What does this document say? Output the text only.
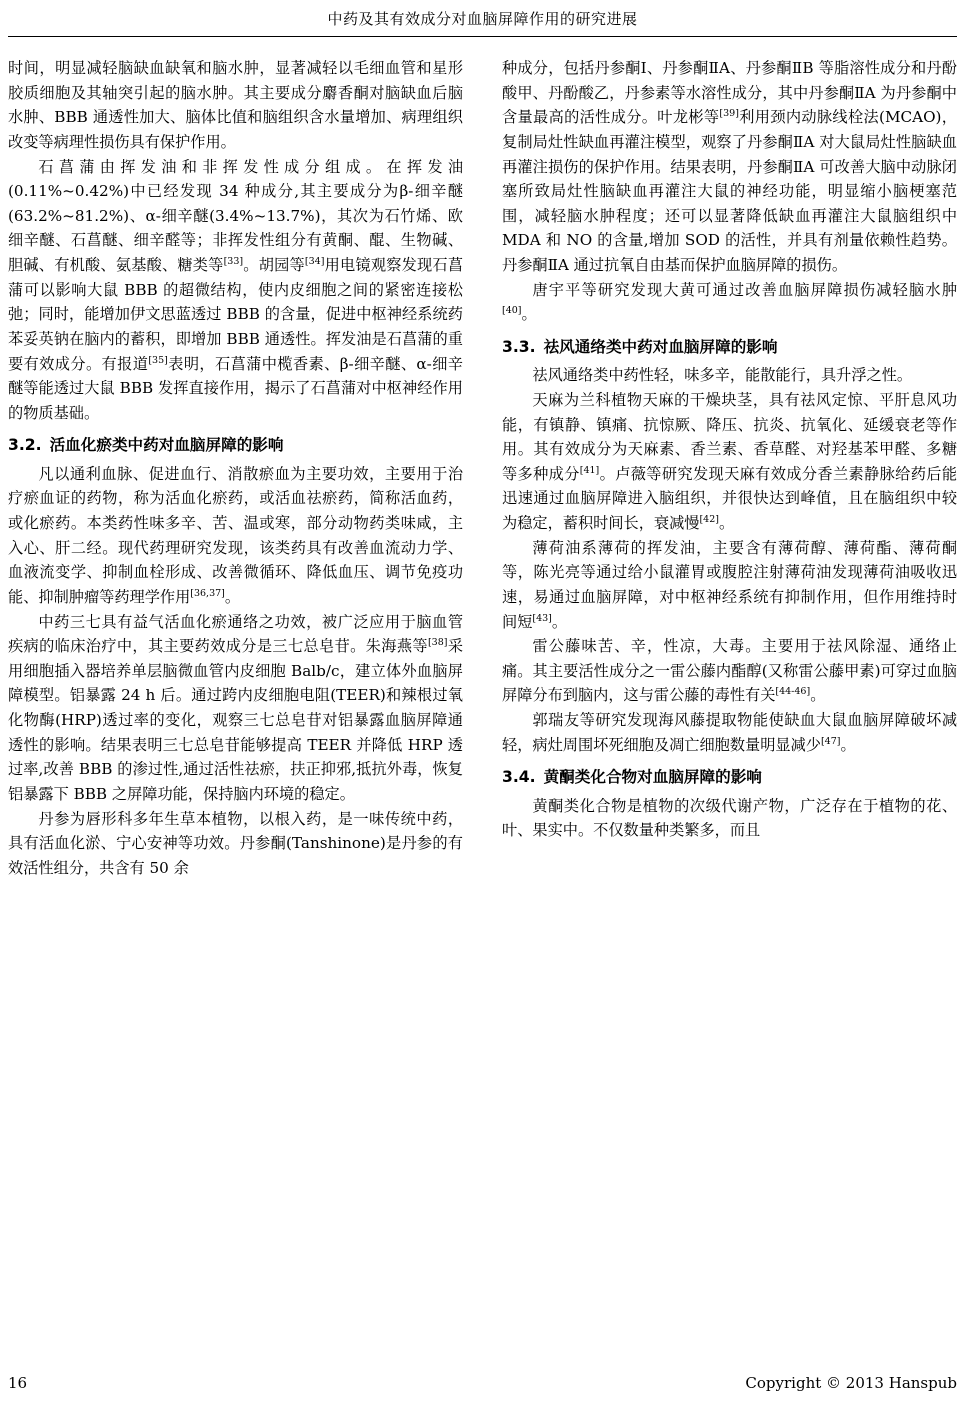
中药及其有效成分对血脑屏障作用的研究进展

时间，明显减轻脑缺血缺氧和脑水肿，显著减轻以毛细血管和星形胶质细胞及其轴突引起的脑水肿。其主要成分麝香酮对脑缺血后脑水肿、BBB 通透性加大、脑体比值和脑组织含水量增加、病理组织改变等病理性损伤具有保护作用。

石菖蒲由挥发油和非挥发性成分组成。在挥发油(0.11%~0.42%)中已经发现 34 种成分,其主要成分为β-细辛醚(63.2%~81.2%)、α-细辛醚(3.4%~13.7%)，其次为石竹烯、欧细辛醚、石菖醚、细辛醛等；非挥发性组分有黄酮、醌、生物碱、胆碱、有机酸、氨基酸、糖类等[33]。胡园等[34]用电镜观察发现石菖蒲可以影响大鼠 BBB 的超微结构，使内皮细胞之间的紧密连接松弛；同时，能增加伊文思蓝透过 BBB 的含量，促进中枢神经系统药苯妥英钠在脑内的蓄积，即增加 BBB 通透性。挥发油是石菖蒲的重要有效成分。有报道[35]表明，石菖蒲中榄香素、β-细辛醚、α-细辛醚等能透过大鼠 BBB 发挥直接作用，揭示了石菖蒲对中枢神经作用的物质基础。

3.2. 活血化瘀类中药对血脑屏障的影响

凡以通利血脉、促进血行、消散瘀血为主要功效，主要用于治疗瘀血证的药物，称为活血化瘀药，或活血祛瘀药，简称活血药，或化瘀药。本类药性味多辛、苦、温或寒，部分动物药类味咸，主入心、肝二经。现代药理研究发现，该类药具有改善血流动力学、血液流变学、抑制血栓形成、改善微循环、降低血压、调节免疫功能、抑制肿瘤等药理学作用[36,37]。

中药三七具有益气活血化瘀通络之功效，被广泛应用于脑血管疾病的临床治疗中，其主要药效成分是三七总皂苷。朱海燕等[38]采用细胞插入器培养单层脑微血管内皮细胞 Balb/c，建立体外血脑屏障模型。铝暴露 24 h 后。通过跨内皮细胞电阻(TEER)和辣根过氧化物酶(HRP)透过率的变化，观察三七总皂苷对铝暴露血脑屏障通透性的影响。结果表明三七总皂苷能够提高 TEER 并降低 HRP 透过率,改善 BBB 的渗过性,通过活性祛瘀，扶正抑邪,抵抗外毒，恢复铝暴露下 BBB 之屏障功能，保持脑内环境的稳定。

丹参为唇形科多年生草本植物，以根入药，是一味传统中药，具有活血化淤、宁心安神等功效。丹参酮(Tanshinone)是丹参的有效活性组分，共含有 50 余

种成分，包括丹参酮Ⅰ、丹参酮ⅡA、丹参酮ⅡB 等脂溶性成分和丹酚酸甲、丹酚酸乙，丹参素等水溶性成分，其中丹参酮ⅡA 为丹参酮中含量最高的活性成分。叶龙彬等[39]利用颈内动脉线栓法(MCAO)，复制局灶性缺血再灌注模型，观察了丹参酮ⅡA 对大鼠局灶性脑缺血再灌注损伤的保护作用。结果表明，丹参酮ⅡA 可改善大脑中动脉闭塞所致局灶性脑缺血再灌注大鼠的神经功能，明显缩小脑梗塞范围，减轻脑水肿程度；还可以显著降低缺血再灌注大鼠脑组织中 MDA 和 NO 的含量,增加 SOD 的活性，并具有剂量依赖性趋势。丹参酮ⅡA 通过抗氧自由基而保护血脑屏障的损伤。

唐宇平等研究发现大黄可通过改善血脑屏障损伤减轻脑水肿[40]。

3.3. 祛风通络类中药对血脑屏障的影响

祛风通络类中药性轻，味多辛，能散能行，具升浮之性。

天麻为兰科植物天麻的干燥块茎，具有祛风定惊、平肝息风功能，有镇静、镇痛、抗惊厥、降压、抗炎、抗氧化、延缓衰老等作用。其有效成分为天麻素、香兰素、香草醛、对羟基苯甲醛、多糖等多种成分[41]。卢薇等研究发现天麻有效成分香兰素静脉给药后能迅速通过血脑屏障进入脑组织，并很快达到峰值，且在脑组织中较为稳定，蓄积时间长，衰减慢[42]。

薄荷油系薄荷的挥发油，主要含有薄荷醇、薄荷酯、薄荷酮等，陈光亮等通过给小鼠灌胃或腹腔注射薄荷油发现薄荷油吸收迅速，易通过血脑屏障，对中枢神经系统有抑制作用，但作用维持时间短[43]。

雷公藤味苦、辛，性凉，大毒。主要用于祛风除湿、通络止痛。其主要活性成分之一雷公藤内酯醇(又称雷公藤甲素)可穿过血脑屏障分布到脑内，这与雷公藤的毒性有关[44-46]。

郭瑞友等研究发现海风藤提取物能使缺血大鼠血脑屏障破坏减轻，病灶周围坏死细胞及凋亡细胞数量明显减少[47]。

3.4. 黄酮类化合物对血脑屏障的影响

黄酮类化合物是植物的次级代谢产物，广泛存在于植物的花、叶、果实中。不仅数量种类繁多，而且

16	Copyright © 2013 Hanspub
